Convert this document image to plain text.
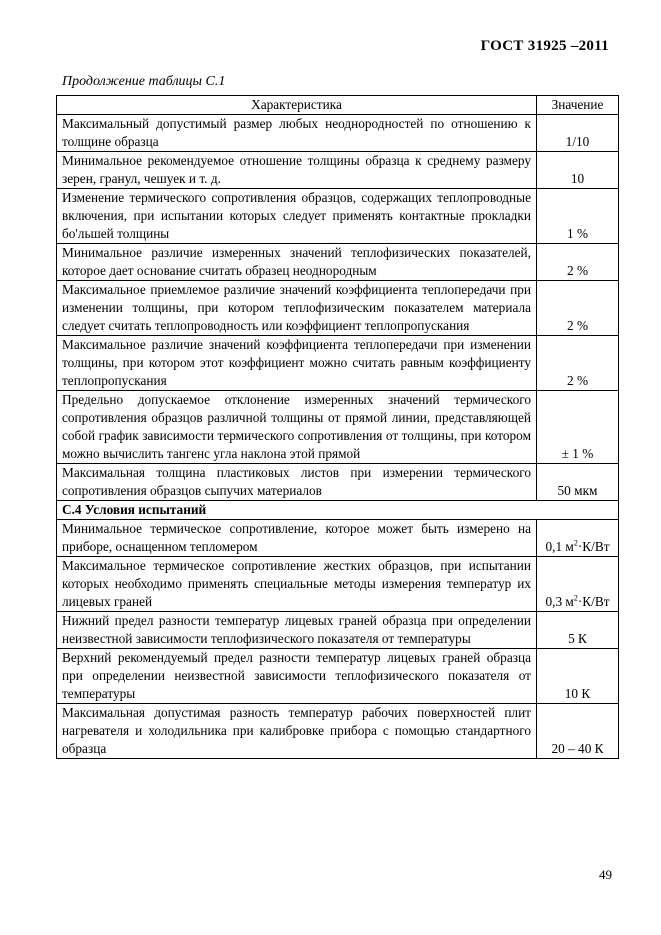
ГОСТ 31925 –2011
Продолжение таблицы С.1
Характеристика	Значение
Максимальный допустимый размер любых неоднородностей по отношению к толщине образца	1/10
Минимальное рекомендуемое отношение толщины образца к среднему размеру зерен, гранул, чешуек и т. д.	10
Изменение термического сопротивления образцов, содержащих теплопроводные включения, при испытании которых следует применять контактные прокладки бо'льшей толщины	1 %
Минимальное различие измеренных значений теплофизических показателей, которое дает основание считать образец неоднородным	2 %
Максимальное приемлемое различие значений коэффициента теплопередачи при изменении толщины, при котором теплофизическим показателем материала следует считать теплопроводность или коэффициент теплопропускания	2 %
Максимальное различие значений коэффициента теплопередачи при изменении толщины, при котором этот коэффициент можно считать равным коэффициенту теплопропускания	2 %
Предельно допускаемое отклонение измеренных значений термического сопротивления образцов различной толщины от прямой линии, представляющей собой график зависимости термического сопротивления от толщины, при котором можно вычислить тангенс угла наклона этой прямой	± 1 %
Максимальная толщина пластиковых листов при измерении термического сопротивления образцов сыпучих материалов	50 мкм
С.4 Условия испытаний	
Минимальное термическое сопротивление, которое может быть измерено на приборе, оснащенном тепломером	0,1 $м^2\cdot К/Вт$
Максимальное термическое сопротивление жестких образцов, при испытании которых необходимо применять специальные методы измерения температур их лицевых граней	0,3 $м^2\cdot К/Вт$
Нижний предел разности температур лицевых граней образца при определении неизвестной зависимости теплофизического показателя от температуры	5 К
Верхний рекомендуемый предел разности температур лицевых граней образца при определении неизвестной зависимости теплофизического показателя от температуры	10 К
Максимальная допустимая разность температур рабочих поверхностей плит нагревателя и холодильника при калибровке прибора с помощью стандартного образца	20 – 40 К
49
